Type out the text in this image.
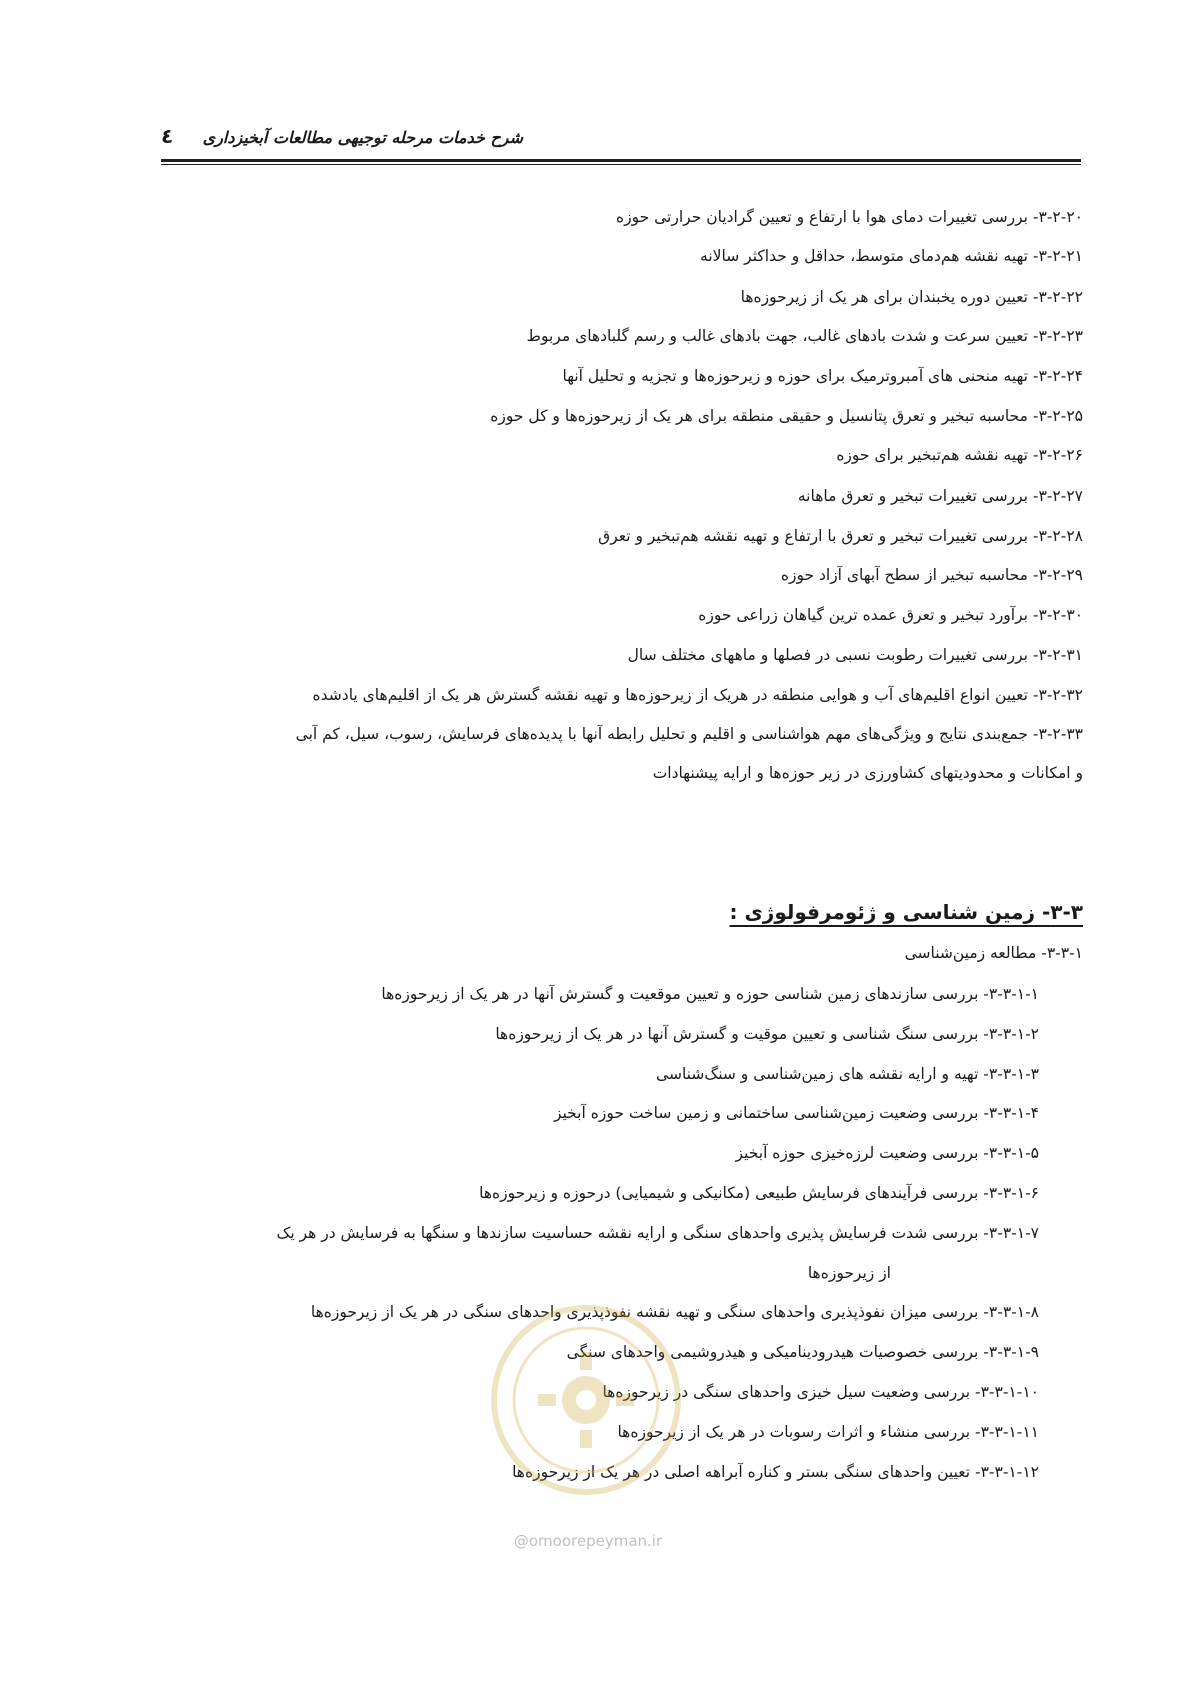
٤ شرح خدمات مرحله توجیهی مطالعات آبخیزداری
۳-۲-۲۰- بررسی تغییرات دمای هوا با ارتفاع و تعیین گرادیان حرارتی حوزه
۳-۲-۲۱- تهیه نقشه هم‌دمای متوسط، حداقل و حداکثر سالانه
۳-۲-۲۲- تعیین دوره یخبندان برای هر یک از زیرحوزه‌ها
۳-۲-۲۳- تعیین سرعت و شدت بادهای غالب، جهت بادهای غالب و رسم گلبادهای مربوط
۳-۲-۲۴- تهیه منحنی های آمبروترمیک برای حوزه و زیرحوزه‌ها و تجزیه و تحلیل آنها
۳-۲-۲۵- محاسبه تبخیر و تعرق پتانسیل و حقیقی منطقه برای هر یک از زیرحوزه‌ها و کل حوزه
۳-۲-۲۶- تهیه نقشه هم‌تبخیر برای حوزه
۳-۲-۲۷- بررسی تغییرات تبخیر و تعرق ماهانه
۳-۲-۲۸- بررسی تغییرات تبخیر و تعرق با ارتفاع و تهیه نقشه هم‌تبخیر و تعرق
۳-۲-۲۹- محاسبه تبخیر از سطح آبهای آزاد حوزه
۳-۲-۳۰- برآورد تبخیر و تعرق عمده ترین گیاهان زراعی حوزه
۳-۲-۳۱- بررسی تغییرات رطوبت نسبی در فصلها و ماههای مختلف سال
۳-۲-۳۲- تعیین انواع اقلیم‌های آب و هوایی منطقه در هریک از زیرحوزه‌ها و تهیه نقشه گسترش هر یک از اقلیم‌های یادشده
۳-۲-۳۳- جمع‌بندی نتایج و ویژگی‌های مهم هواشناسی و اقلیم و تحلیل رابطه آنها با پدیده‌های فرسایش، رسوب، سیل، کم آبی
و امکانات و محدودیتهای کشاورزی در زیر حوزه‌ها و ارایه پیشنهادات
۳-۳- زمین شناسی و ژئومرفولوژی :
۳-۳-۱- مطالعه زمین‌شناسی
۳-۳-۱-۱- بررسی سازندهای زمین شناسی حوزه و تعیین موقعیت و گسترش آنها در هر یک از زیرحوزه‌ها
۳-۳-۱-۲- بررسی سنگ شناسی و تعیین موقیت و گسترش آنها در هر یک از زیرحوزه‌ها
۳-۳-۱-۳- تهیه و ارایه نقشه های زمین‌شناسی و سنگ‌شناسی
۳-۳-۱-۴- بررسی وضعیت زمین‌شناسی ساختمانی و زمین ساخت حوزه آبخیز
۳-۳-۱-۵- بررسی وضعیت لرزه‌خیزی حوزه آبخیز
۳-۳-۱-۶- بررسی فرآیندهای فرسایش طبیعی (مکانیکی و شیمیایی) درحوزه و زیرحوزه‌ها
۳-۳-۱-۷- بررسی شدت فرسایش پذیری واحدهای سنگی و ارایه نقشه حساسیت سازندها و سنگها به فرسایش در هر یک
از زیرحوزه‌ها
۳-۳-۱-۸- بررسی میزان نفوذپذیری واحدهای سنگی و تهیه نقشه نفوذپذیری واحدهای سنگی در هر یک از زیرحوزه‌ها
۳-۳-۱-۹- بررسی خصوصیات هیدرودینامیکی و هیدروشیمی واحدهای سنگی
۳-۳-۱-۱۰- بررسی وضعیت سیل خیزی واحدهای سنگی در زیرحوزه‌ها
۳-۳-۱-۱۱- بررسی منشاء و اثرات رسوبات در هر یک از زیرحوزه‌ها
۳-۳-۱-۱۲- تعیین واحدهای سنگی بستر و کناره آبراهه اصلی در هر یک از زیرحوزه‌ها
@omoorepeyman.ir
